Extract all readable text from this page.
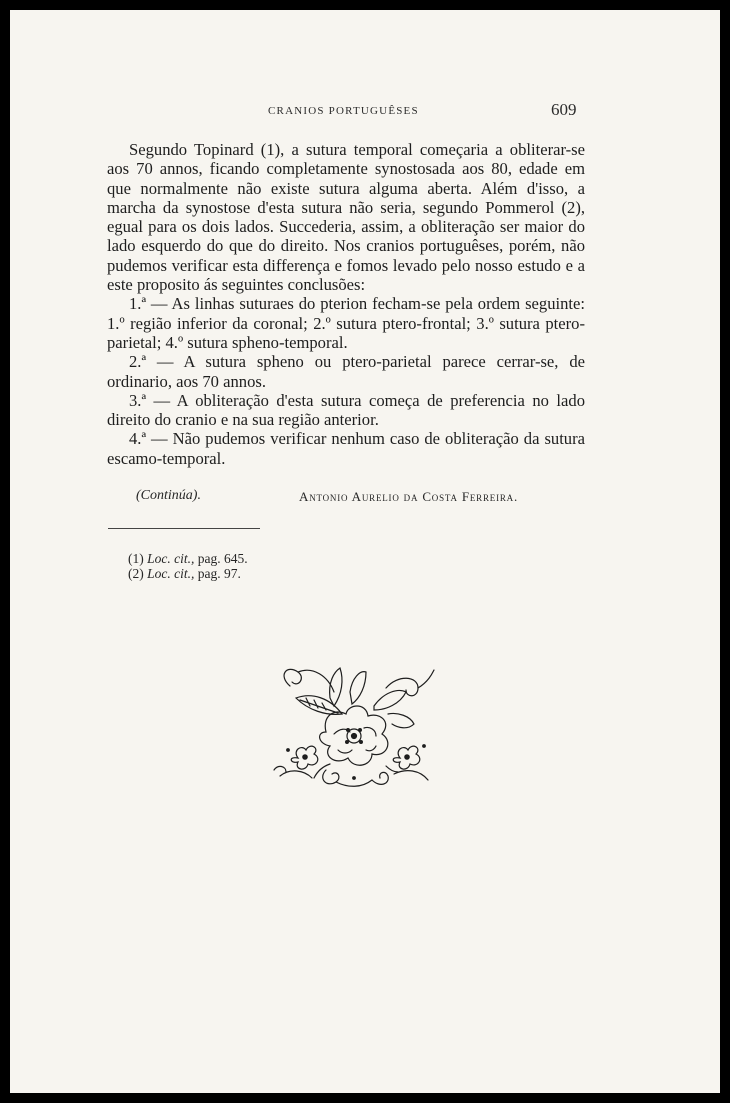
CRANIOS PORTUGUÊSES	609

Segundo Topinard (1), a sutura temporal começaria a obliterar-se aos 70 annos, ficando completamente synostosada aos 80, edade em que normalmente não existe sutura alguma aberta. Além d'isso, a marcha da synostose d'esta sutura não seria, segundo Pommerol (2), egual para os dois lados. Succederia, assim, a obliteração ser maior do lado esquerdo do que do direito. Nos cranios portuguêses, porém, não pudemos verificar esta differença e fomos levado pelo nosso estudo e a este proposito ás seguintes conclusões:

1.ª — As linhas suturaes do pterion fecham-se pela ordem seguinte: 1.º região inferior da coronal; 2.º sutura ptero-frontal; 3.º sutura ptero-parietal; 4.º sutura spheno-temporal.

2.ª — A sutura spheno ou ptero-parietal parece cerrar-se, de ordinario, aos 70 annos.

3.ª — A obliteração d'esta sutura começa de preferencia no lado direito do cranio e na sua região anterior.

4.ª — Não pudemos verificar nenhum caso de obliteração da sutura escamo-temporal.

(Continúa).	Antonio Aurelio da Costa Ferreira.
(1) Loc. cit., pag. 645.
(2) Loc. cit., pag. 97.
